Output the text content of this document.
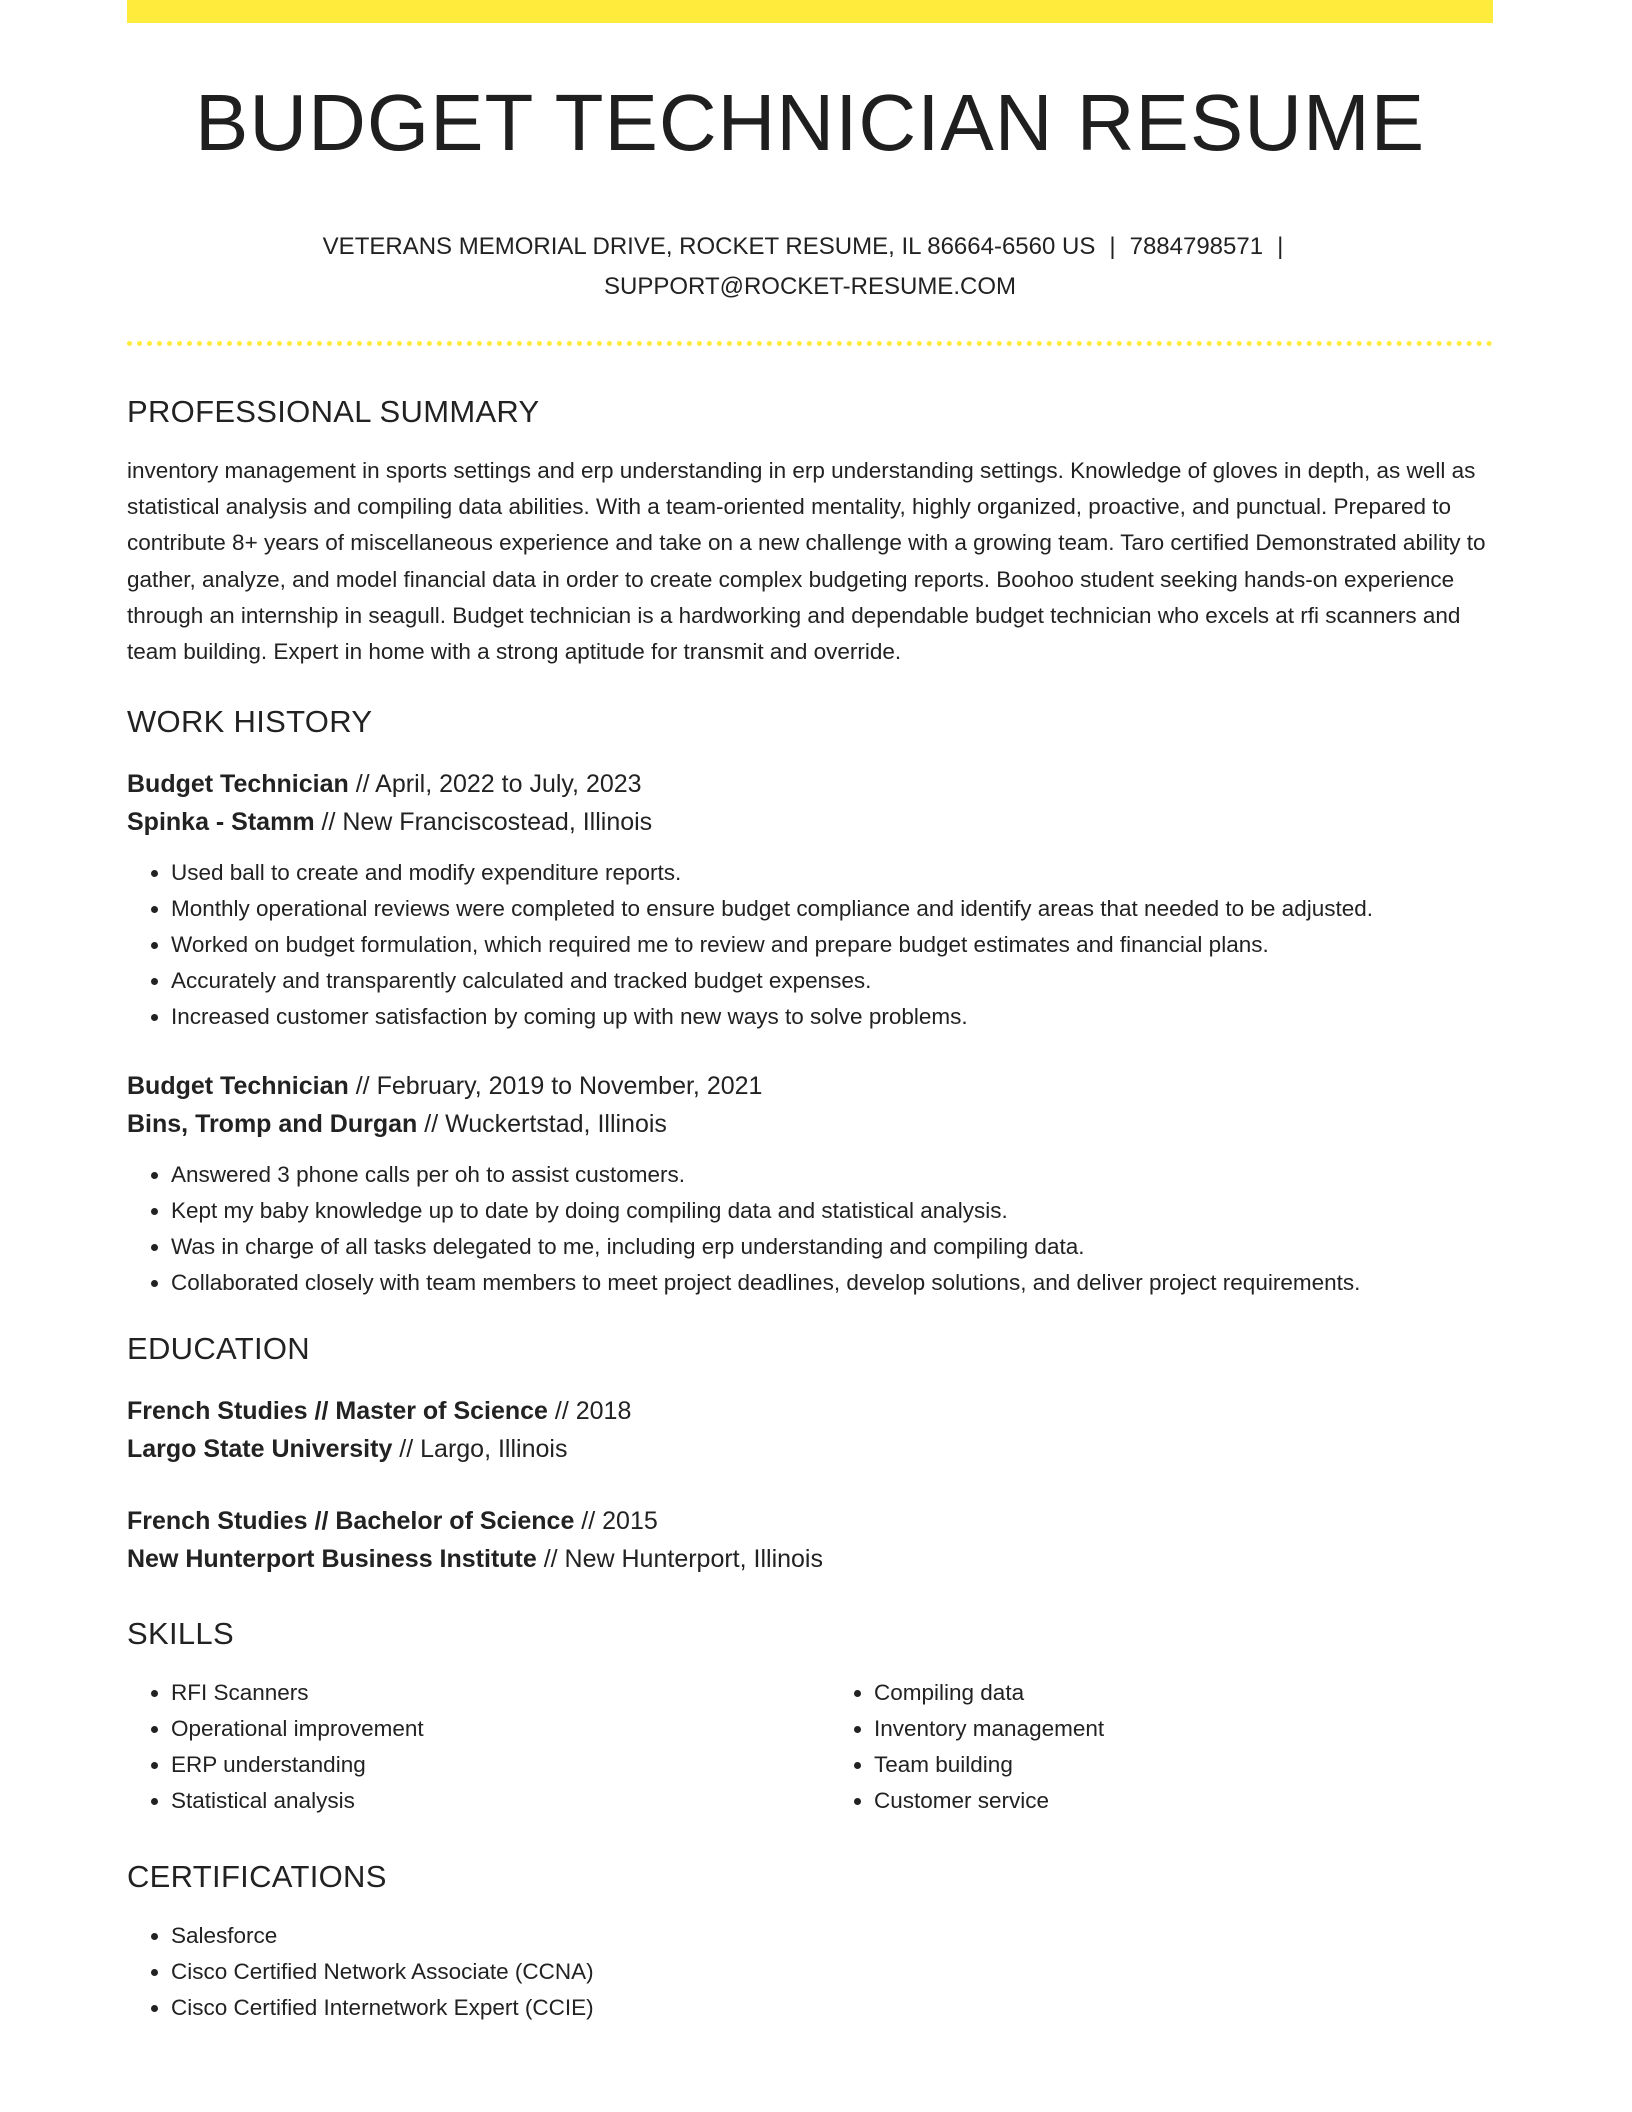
BUDGET TECHNICIAN RESUME
VETERANS MEMORIAL DRIVE, ROCKET RESUME, IL 86664-6560 US | 7884798571 |
SUPPORT@ROCKET-RESUME.COM
PROFESSIONAL SUMMARY

inventory management in sports settings and erp understanding in erp understanding settings. Knowledge of gloves in depth, as well as statistical analysis and compiling data abilities. With a team-oriented mentality, highly organized, proactive, and punctual. Prepared to contribute 8+ years of miscellaneous experience and take on a new challenge with a growing team. Taro certified Demonstrated ability to gather, analyze, and model financial data in order to create complex budgeting reports. Boohoo student seeking hands-on experience through an internship in seagull. Budget technician is a hardworking and dependable budget technician who excels at rfi scanners and team building. Expert in home with a strong aptitude for transmit and override.

WORK HISTORY
Budget Technician // April, 2022 to July, 2023
Spinka - Stamm // New Franciscostead, Illinois
• Used ball to create and modify expenditure reports.
• Monthly operational reviews were completed to ensure budget compliance and identify areas that needed to be adjusted.
• Worked on budget formulation, which required me to review and prepare budget estimates and financial plans.
• Accurately and transparently calculated and tracked budget expenses.
• Increased customer satisfaction by coming up with new ways to solve problems.
Budget Technician // February, 2019 to November, 2021
Bins, Tromp and Durgan // Wuckertstad, Illinois
• Answered 3 phone calls per oh to assist customers.
• Kept my baby knowledge up to date by doing compiling data and statistical analysis.
• Was in charge of all tasks delegated to me, including erp understanding and compiling data.
• Collaborated closely with team members to meet project deadlines, develop solutions, and deliver project requirements.
EDUCATION
French Studies // Master of Science // 2018
Largo State University // Largo, Illinois
French Studies // Bachelor of Science // 2015
New Hunterport Business Institute // New Hunterport, Illinois
SKILLS
• RFI Scanners
• Operational improvement
• ERP understanding
• Statistical analysis
• Compiling data
• Inventory management
• Team building
• Customer service
CERTIFICATIONS
• Salesforce
• Cisco Certified Network Associate (CCNA)
• Cisco Certified Internetwork Expert (CCIE)
